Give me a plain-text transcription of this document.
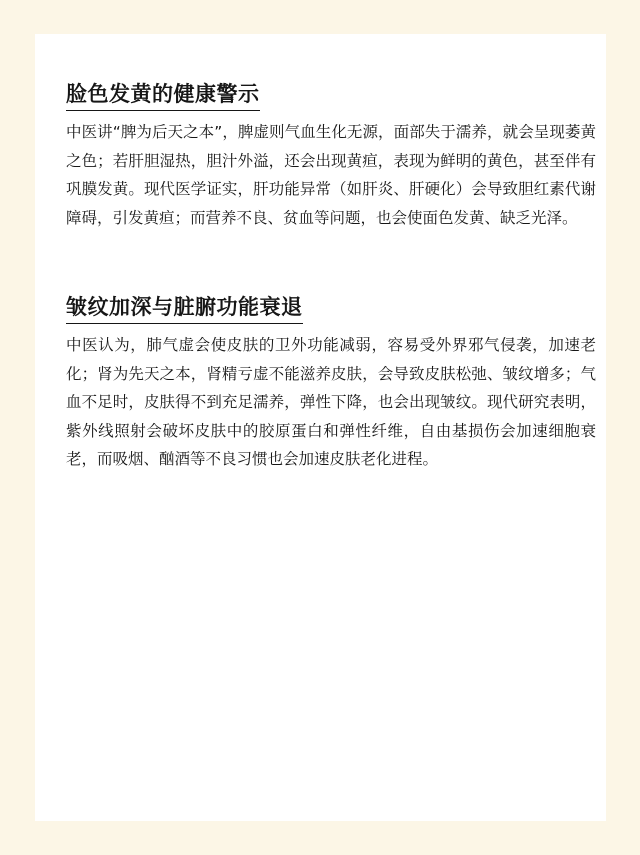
脸色发黄的健康警示

中医讲“脾为后天之本”，脾虚则气血生化无源，面部失于濡养，就会呈现萎黄之色；若肝胆湿热，胆汁外溢，还会出现黄疸，表现为鲜明的黄色，甚至伴有巩膜发黄。现代医学证实，肝功能异常（如肝炎、肝硬化）会导致胆红素代谢障碍，引发黄疸；而营养不良、贫血等问题，也会使面色发黄、缺乏光泽。

皱纹加深与脏腑功能衰退

中医认为，肺气虚会使皮肤的卫外功能减弱，容易受外界邪气侵袭，加速老化；肾为先天之本，肾精亏虚不能滋养皮肤，会导致皮肤松弛、皱纹增多；气血不足时，皮肤得不到充足濡养，弹性下降，也会出现皱纹。现代研究表明，紫外线照射会破坏皮肤中的胶原蛋白和弹性纤维，自由基损伤会加速细胞衰老，而吸烟、酗酒等不良习惯也会加速皮肤老化进程。
